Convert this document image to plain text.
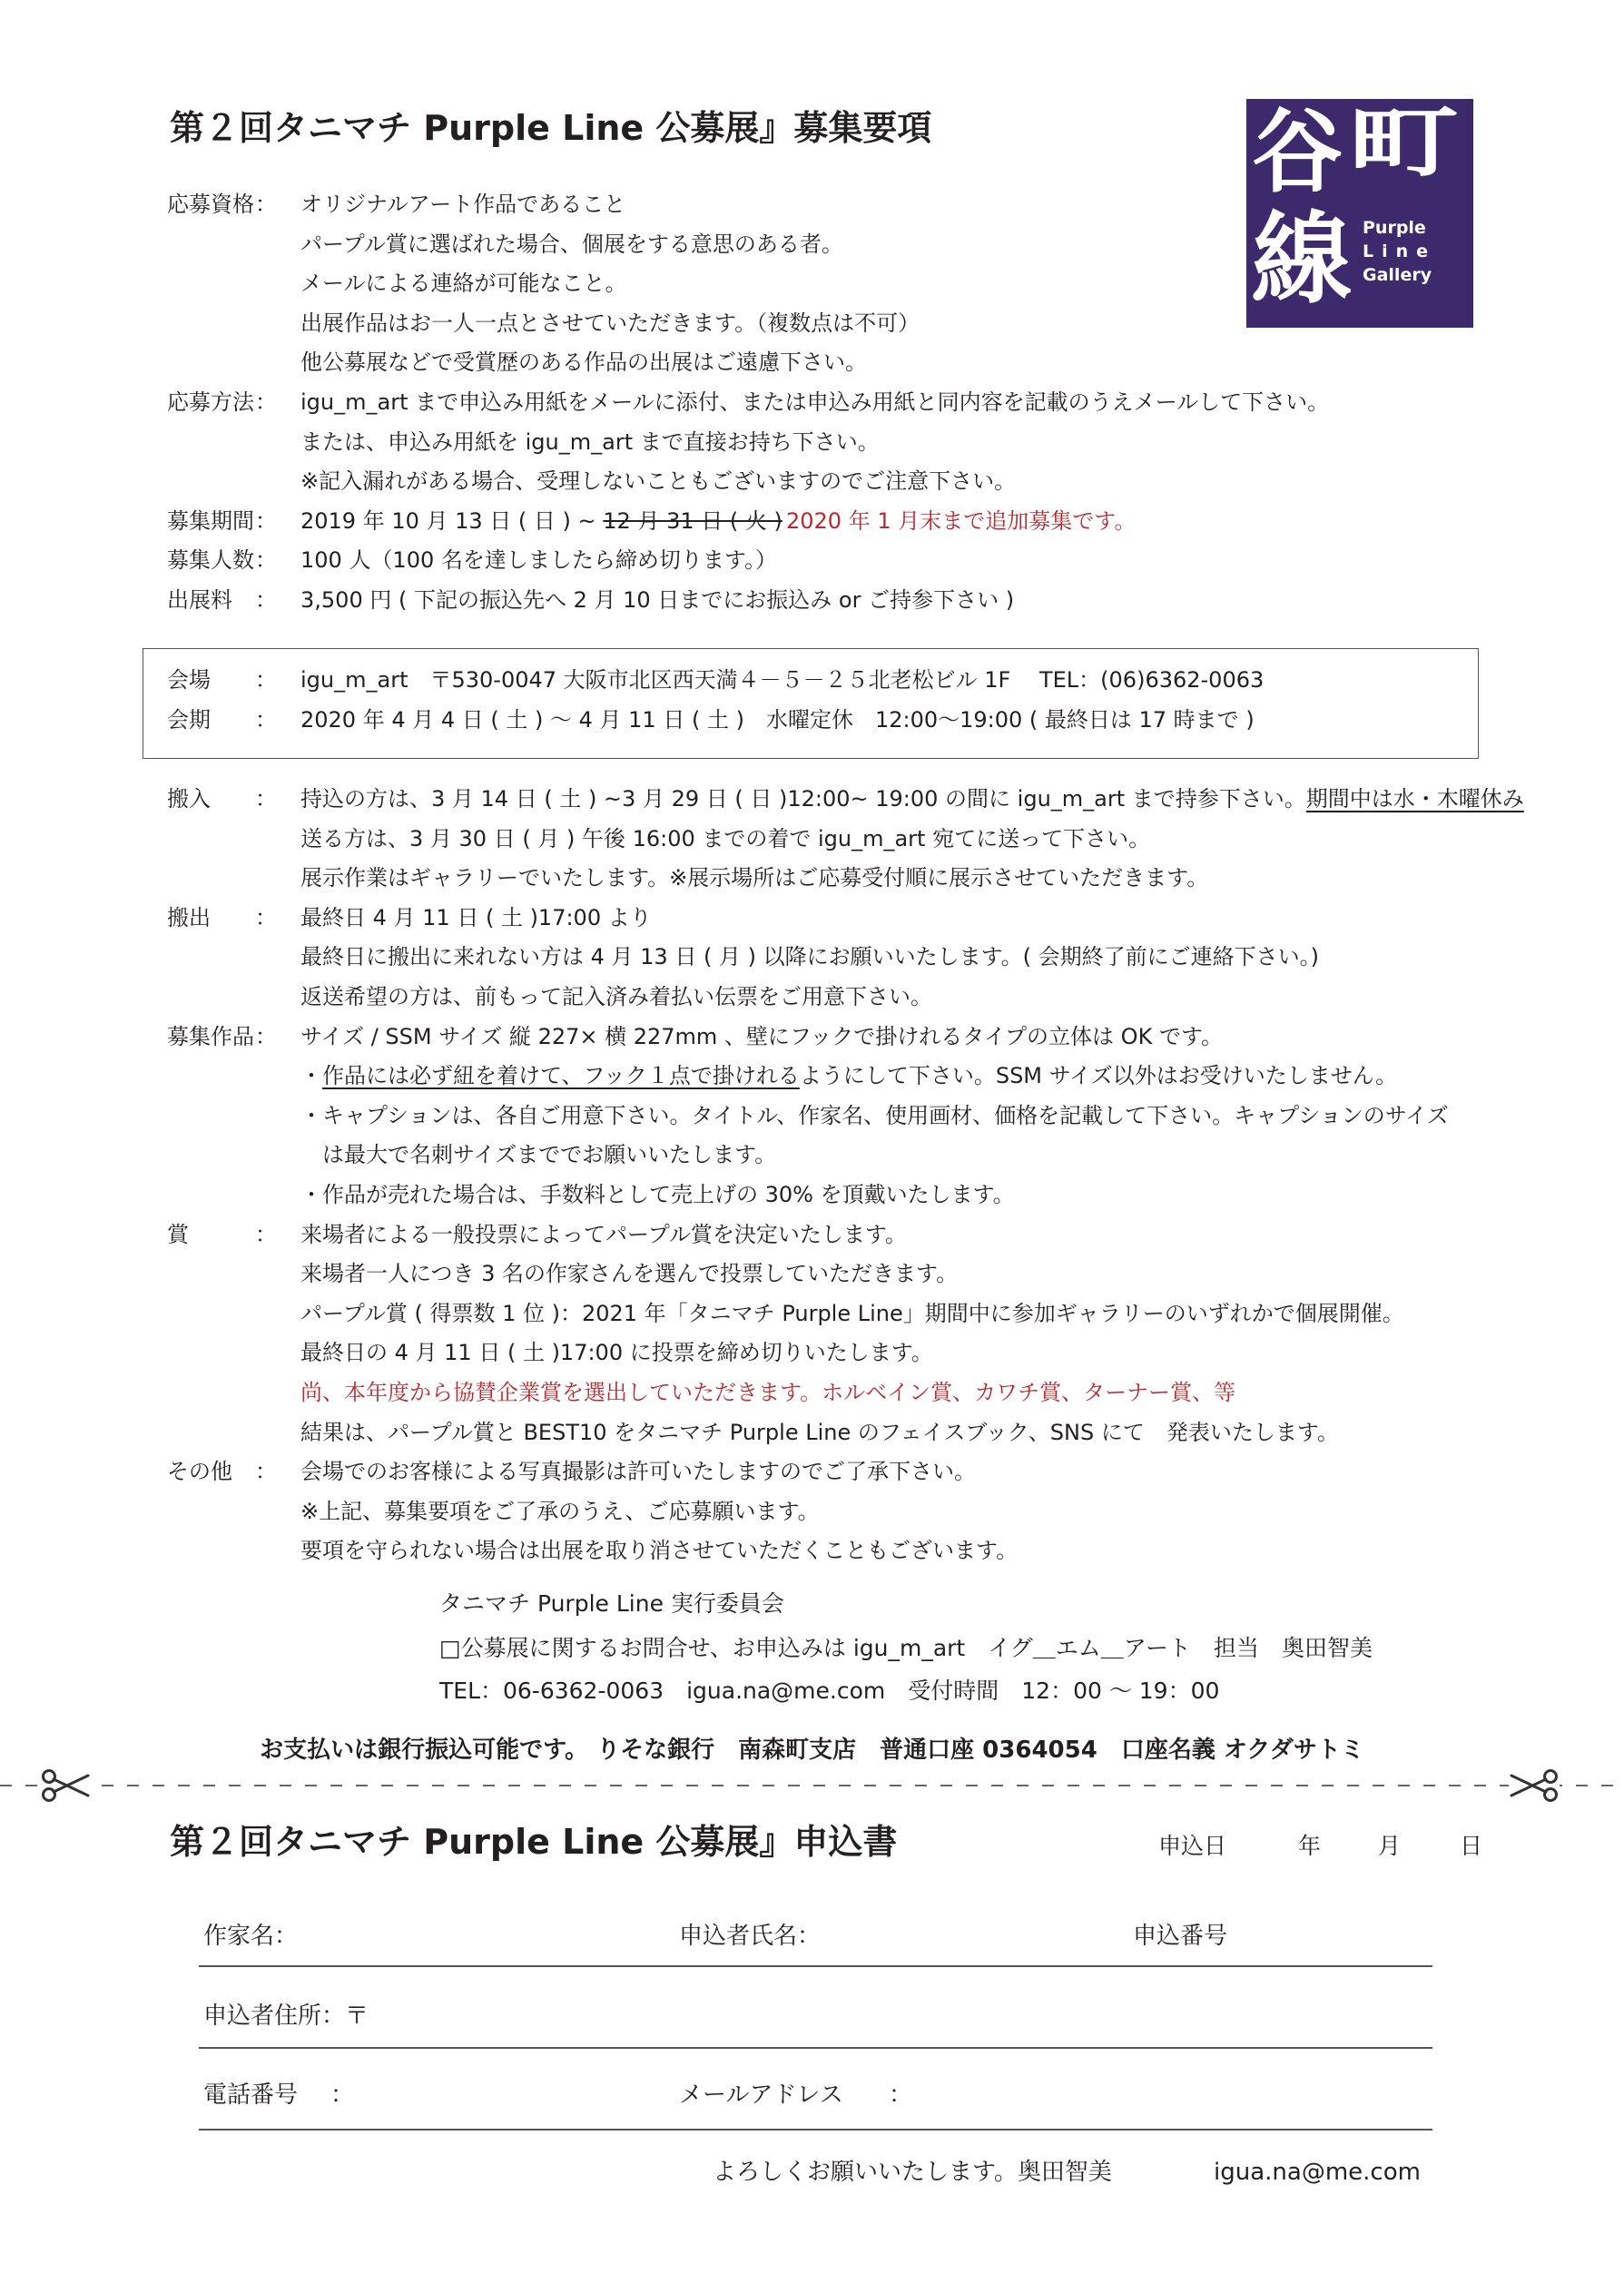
第２回タニマチ Purple Line 公募展』募集要項	谷 町
線 Purple
Line
Gallery
応募資格 ： オリジナルアート作品であること
パープル賞に選ばれた場合、個展をする意思のある者。
メールによる連絡が可能なこと。
出展作品はお一人一点とさせていただきます。（複数点は不可）
他公募展などで受賞歴のある作品の出展はご遠慮下さい。
応募方法 ： igu_m_art まで申込み用紙をメールに添付、または申込み用紙と同内容を記載のうえメールして下さい。
または、申込み用紙を igu_m_art まで直接お持ち下さい。
※記入漏れがある場合、受理しないこともございますのでご注意下さい。
募集期間 ： 2019 年 10 月 13 日 ( 日 ) ~ 12 月 31 日 ( 火 ) 2020 年 1 月末まで追加募集です。
募集人数 ： 100 人（100 名を達しましたら締め切ります。）
出展料 ： 3,500 円 ( 下記の振込先へ 2 月 10 日までにお振込み or ご持参下さい )
会場 ： igu_m_art　〒530-0047 大阪市北区西天満４－５－２５北老松ビル 1F　 TEL：(06)6362-0063
会期 ： 2020 年 4 月 4 日 ( 土 ) ～ 4 月 11 日 ( 土 )　水曜定休　12:00～19:00 ( 最終日は 17 時まで )
搬入 ： 持込の方は、3 月 14 日 ( 土 ) ~3 月 29 日 ( 日 )12:00~ 19:00 の間に igu_m_art まで持参下さい。期間中は水・木曜休み
送る方は、3 月 30 日 ( 月 ) 午後 16:00 までの着で igu_m_art 宛てに送って下さい。
展示作業はギャラリーでいたします。※展示場所はご応募受付順に展示させていただきます。
搬出 ： 最終日 4 月 11 日 ( 土 )17:00 より
最終日に搬出に来れない方は 4 月 13 日 ( 月 ) 以降にお願いいたします。( 会期終了前にご連絡下さい。)
返送希望の方は、前もって記入済み着払い伝票をご用意下さい。
募集作品 ： サイズ / SSM サイズ 縦 227× 横 227mm 、壁にフックで掛けれるタイプの立体は OK です。
・作品には必ず紐を着けて、フック１点で掛けれるようにして下さい。SSM サイズ以外はお受けいたしません。
・キャプションは、各自ご用意下さい。タイトル、作家名、使用画材、価格を記載して下さい。キャプションのサイズ
は最大で名刺サイズまででお願いいたします。
・作品が売れた場合は、手数料として売上げの 30% を頂戴いたします。
賞	： 来場者による一般投票によってパープル賞を決定いたします。
来場者一人につき 3 名の作家さんを選んで投票していただきます。
パープル賞 ( 得票数 1 位 )：2021 年「タニマチ Purple Line」期間中に参加ギャラリーのいずれかで個展開催。
最終日の 4 月 11 日 ( 土 )17:00 に投票を締め切りいたします。
尚、本年度から協賛企業賞を選出していただきます。ホルベイン賞、カワチ賞、ターナー賞、等
結果は、パープル賞と BEST10 をタニマチ Purple Line のフェイスブック、SNS にて　発表いたします。
その他 ： 会場でのお客様による写真撮影は許可いたしますのでご了承下さい。
※上記、募集要項をご了承のうえ、ご応募願います。
要項を守られない場合は出展を取り消させていただくこともございます。
タニマチ Purple Line 実行委員会
□公募展に関するお問合せ、お申込みは igu_m_art　イグ＿エム＿アート　担当　奥田智美
TEL：06-6362-0063　igua.na@me.com　受付時間　12：00 ～ 19：00
お支払いは銀行振込可能です。 りそな銀行　南森町支店　普通口座 0364054　口座名義 オクダサトミ
第２回タニマチ Purple Line 公募展』申込書	申込日	年	月	日
作家名：	申込者氏名：	申込番号
申込者住所：〒
電話番号 ：	メールアドレス ：
よろしくお願いいたします。奥田智美	igua.na@me.com
